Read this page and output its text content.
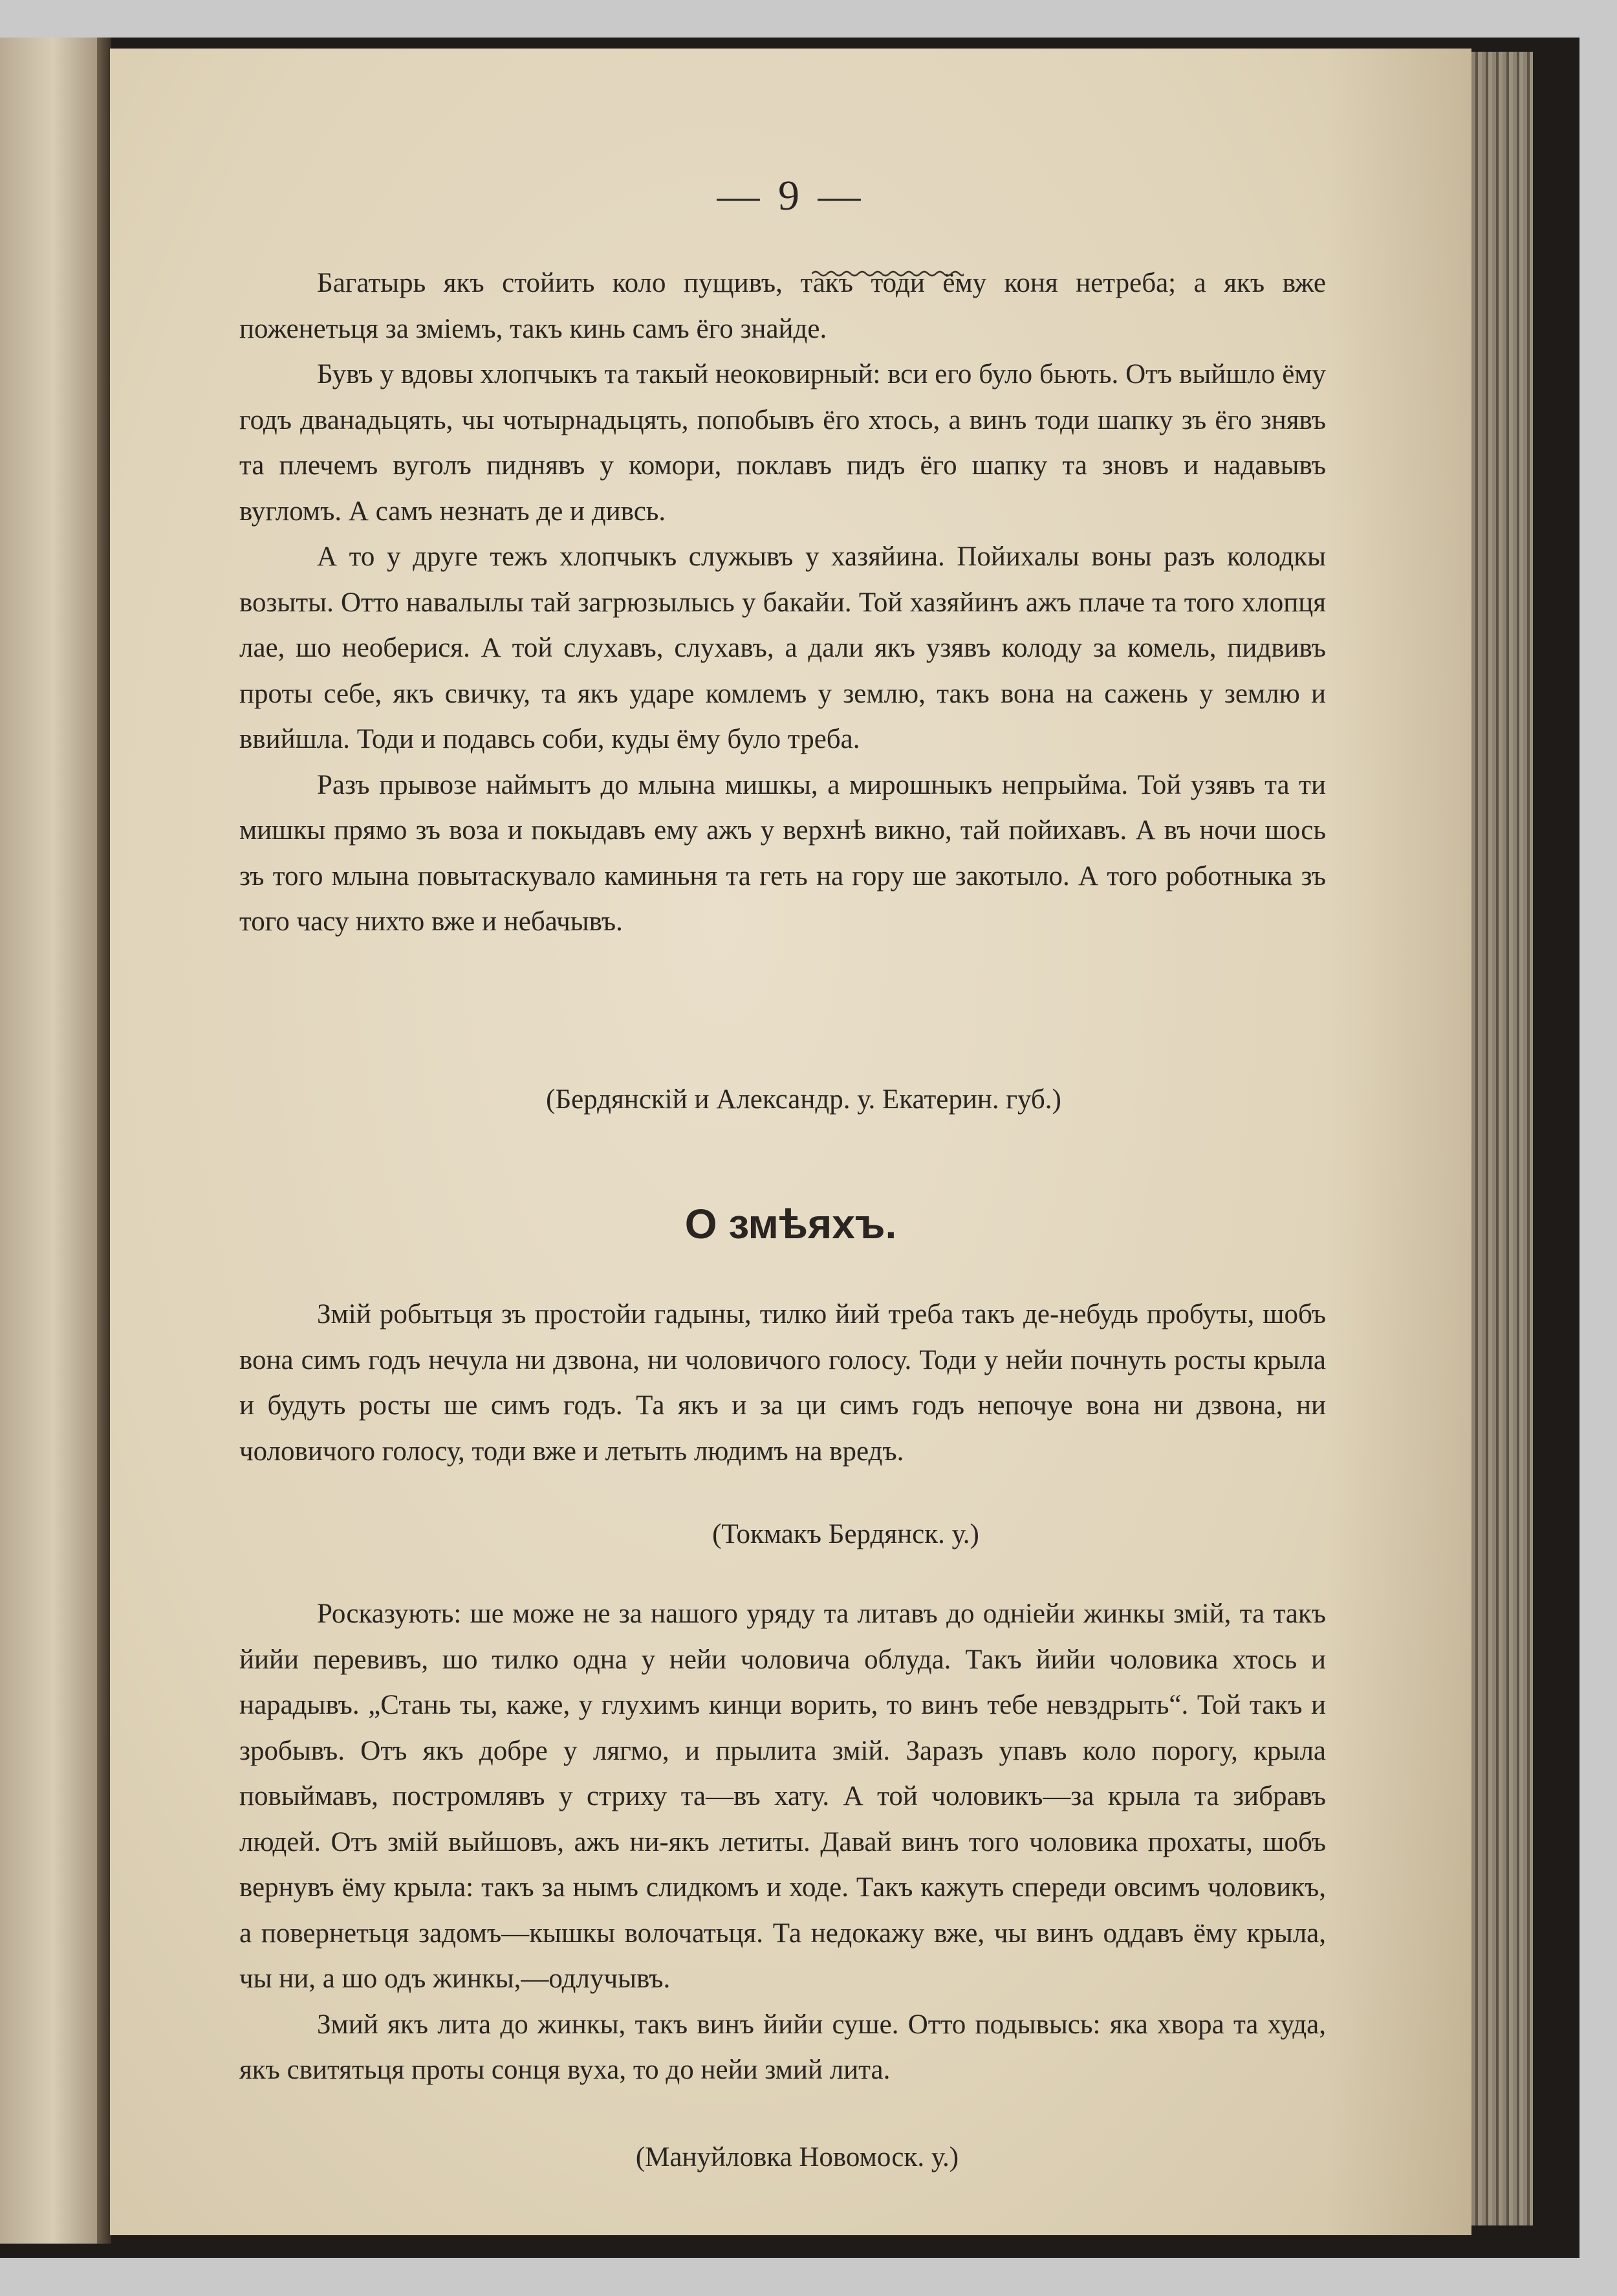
— 9 —

Багатырь якъ стойить коло пущивъ, такъ тоди ёму коня нетреба; а якъ вже поженетьця за зміемъ, такъ кинь самъ ёго знайде.

Бувъ у вдовы хлопчыкъ та такый неоковирный: вси его було бьють. Отъ выйшло ёму годъ дванадьцять, чы чотырнадьцять, попобывъ ёго хтось, а винъ тоди шапку зъ ёго знявъ та плечемъ вуголъ пиднявъ у комори, поклавъ пидъ ёго шапку та зновъ и надавывъ вугломъ. А самъ незнать де и дивсь.

А то у друге тежъ хлопчыкъ служывъ у хазяйина. Пойихалы воны разъ колодкы возыты. Отто навалылы тай загрюзылысь у бакайи. Той хазяйинъ ажъ плаче та того хлопця лае, шо необерися. А той слухавъ, слухавъ, а дали якъ узявъ колоду за комель, пидвивъ проты себе, якъ свичку, та якъ ударе комлемъ у землю, такъ вона на сажень у землю и ввийшла. Тоди и подавсь соби, куды ёму було треба.

Разъ прывозе наймытъ до млына мишкы, а мирошныкъ непрыйма. Той узявъ та ти мишкы прямо зъ воза и покыдавъ ему ажъ у верхнѣ викно, тай пойихавъ. А въ ночи шось зъ того млына повытаскувало каминьня та геть на гору ше закотыло. А того роботныка зъ того часу нихто вже и небачывъ.

(Бердянскій и Александр. у. Екатерин. губ.)
О змѣяхъ.

Змій робытьця зъ простойи гадыны, тилко йий треба такъ де-небудь пробуты, шобъ вона симъ годъ нечула ни дзвона, ни чоловичого голосу. Тоди у нейи почнуть росты крыла и будуть росты ше симъ годъ. Та якъ и за ци симъ годъ непочуе вона ни дзвона, ни чоловичого голосу, тоди вже и летыть людимъ на вредъ.

(Токмакъ Бердянск. у.)

Росказують: ше може не за нашого уряду та литавъ до однiейи жинкы змій, та такъ йийи перевивъ, шо тилко одна у нейи чоловича облуда. Такъ йийи чоловика хтось и нарадывъ. „Стань ты, каже, у глухимъ кинци ворить, то винъ тебе невздрыть“. Той такъ и зробывъ. Отъ якъ добре у лягмо, и прылита змій. Заразъ упавъ коло порогу, крыла повыймавъ, постромлявъ у стриху та—въ хату. А той чоловикъ—за крыла та зибравъ людей. Отъ змій выйшовъ, ажъ ни-якъ летиты. Давай винъ того чоловика прохаты, шобъ вернувъ ёму крыла: такъ за нымъ слидкомъ и ходе. Такъ кажуть спереди овсимъ чоловикъ, а повернетьця задомъ—кышкы волочатьця. Та недокажу вже, чы винъ оддавъ ёму крыла, чы ни, а шо одъ жинкы,—одлучывъ.

Змий якъ лита до жинкы, такъ винъ йийи суше. Отто подывысь: яка хвора та худа, якъ свитятьця проты сонця вуха, то до нейи змий лита.

(Мануйловка Новомоск. у.)
